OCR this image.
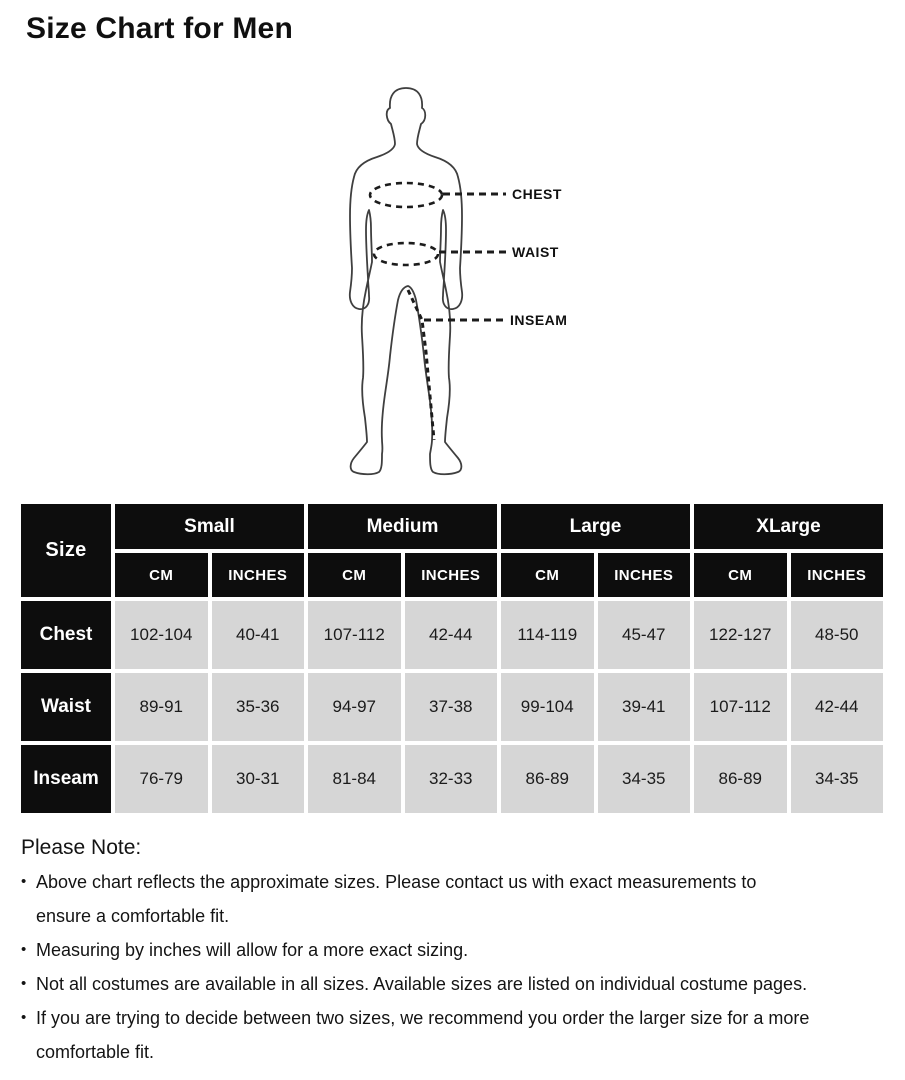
Size Chart for Men
CHEST
WAIST
INSEAM
Size	Small		Medium		Large		XLarge	
	CM	INCHES	CM	INCHES	CM	INCHES	CM	INCHES
Chest	102-104	40-41	107-112	42-44	114-119	45-47	122-127	48-50
Waist	89-91	35-36	94-97	37-38	99-104	39-41	107-112	42-44
Inseam	76-79	30-31	81-84	32-33	86-89	34-35	86-89	34-35

Please Note:

• Above chart reflects the approximate sizes. Please contact us with exact measurements to
ensure a comfortable fit.
• Measuring by inches will allow for a more exact sizing.
• Not all costumes are available in all sizes. Available sizes are listed on individual costume pages.
• If you are trying to decide between two sizes, we recommend you order the larger size for a more
comfortable fit.
